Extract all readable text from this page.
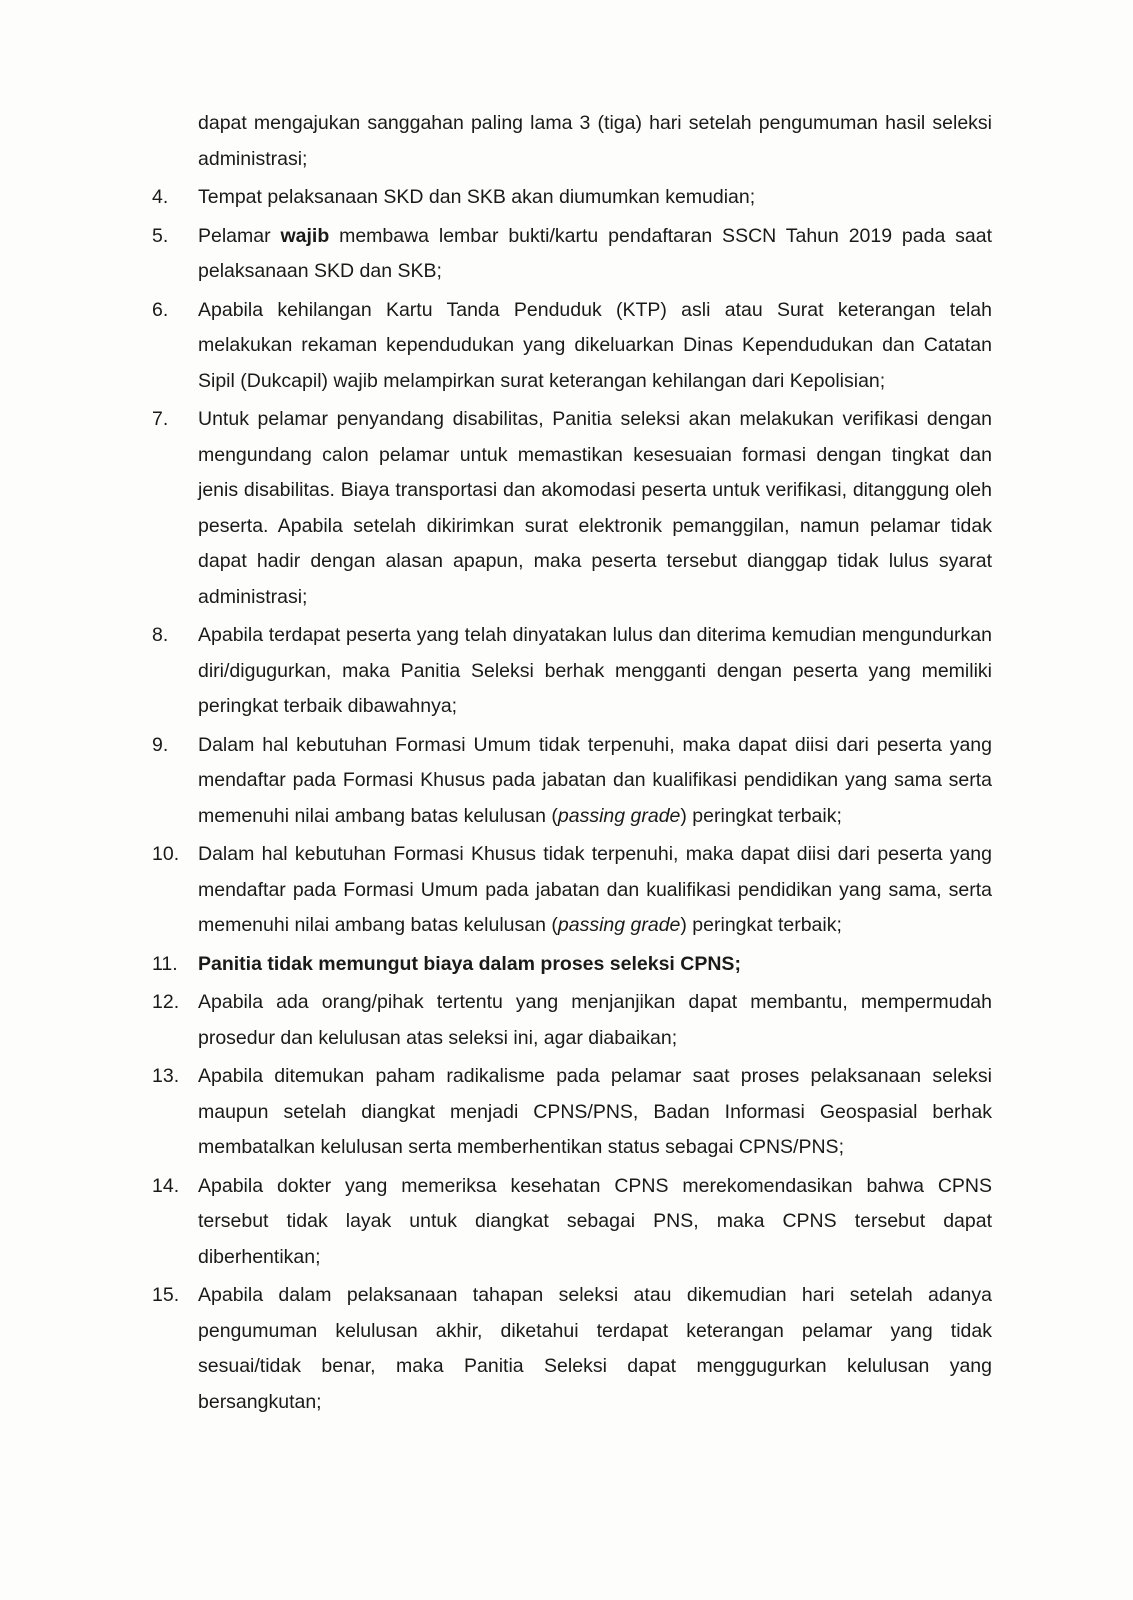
dapat mengajukan sanggahan paling lama 3 (tiga) hari setelah pengumuman hasil seleksi administrasi;
4.	Tempat pelaksanaan SKD dan SKB akan diumumkan kemudian;
5.	Pelamar wajib membawa lembar bukti/kartu pendaftaran SSCN Tahun 2019 pada saat pelaksanaan SKD dan SKB;
6.	Apabila kehilangan Kartu Tanda Penduduk (KTP) asli atau Surat keterangan telah melakukan rekaman kependudukan yang dikeluarkan Dinas Kependudukan dan Catatan Sipil (Dukcapil) wajib melampirkan surat keterangan kehilangan dari Kepolisian;
7.	Untuk pelamar penyandang disabilitas, Panitia seleksi akan melakukan verifikasi dengan mengundang calon pelamar untuk memastikan kesesuaian formasi dengan tingkat dan jenis disabilitas. Biaya transportasi dan akomodasi peserta untuk verifikasi, ditanggung oleh peserta. Apabila setelah dikirimkan surat elektronik pemanggilan, namun pelamar tidak dapat hadir dengan alasan apapun, maka peserta tersebut dianggap tidak lulus syarat administrasi;
8.	Apabila terdapat peserta yang telah dinyatakan lulus dan diterima kemudian mengundurkan diri/digugurkan, maka Panitia Seleksi berhak mengganti dengan peserta yang memiliki peringkat terbaik dibawahnya;
9.	Dalam hal kebutuhan Formasi Umum tidak terpenuhi, maka dapat diisi dari peserta yang mendaftar pada Formasi Khusus pada jabatan dan kualifikasi pendidikan yang sama serta memenuhi nilai ambang batas kelulusan (passing grade) peringkat terbaik;
10. Dalam hal kebutuhan Formasi Khusus tidak terpenuhi, maka dapat diisi dari peserta yang mendaftar pada Formasi Umum pada jabatan dan kualifikasi pendidikan yang sama, serta memenuhi nilai ambang batas kelulusan (passing grade) peringkat terbaik;
11.	Panitia tidak memungut biaya dalam proses seleksi CPNS;
12. Apabila ada orang/pihak tertentu yang menjanjikan dapat membantu, mempermudah prosedur dan kelulusan atas seleksi ini, agar diabaikan;
13. Apabila ditemukan paham radikalisme pada pelamar saat proses pelaksanaan seleksi maupun setelah diangkat menjadi CPNS/PNS, Badan Informasi Geospasial berhak membatalkan kelulusan serta memberhentikan status sebagai CPNS/PNS;
14. Apabila dokter yang memeriksa kesehatan CPNS merekomendasikan bahwa CPNS tersebut tidak layak untuk diangkat sebagai PNS, maka CPNS tersebut dapat diberhentikan;
15. Apabila dalam pelaksanaan tahapan seleksi atau dikemudian hari setelah adanya pengumuman kelulusan akhir, diketahui terdapat keterangan pelamar yang tidak sesuai/tidak benar, maka Panitia Seleksi dapat menggugurkan kelulusan yang bersangkutan;
